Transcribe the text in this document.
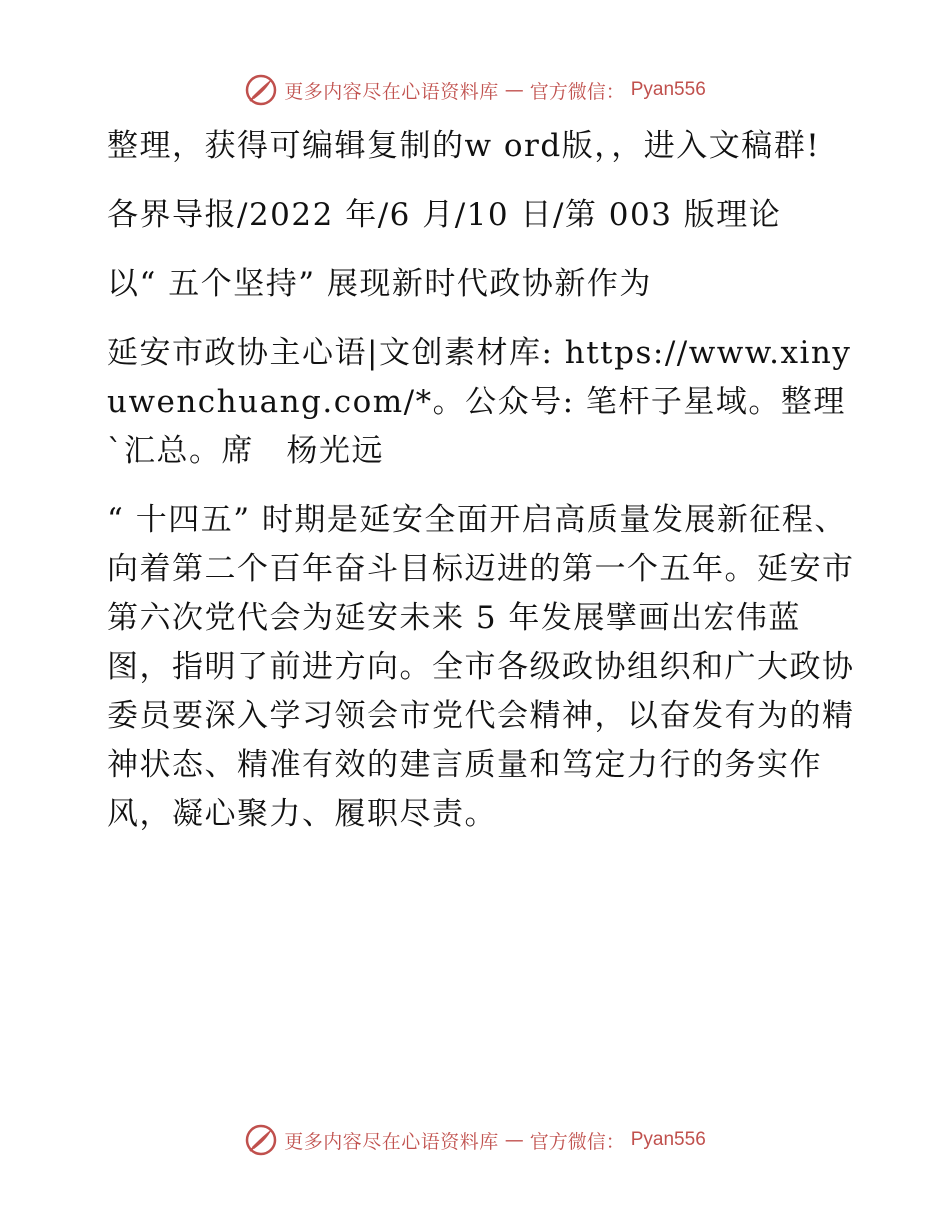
更多内容尽在心语资料库 — 官方微信： Pyan556

整理，获得可编辑复制的w ord版，，进入文稿群!

各界导报/2022 年/6 月/10 日/第 003 版理论

以“ 五个坚持” 展现新时代政协新作为

延安市政协主心语|文创素材库: https://www.xinyuwenchuang.com/*。公众号: 笔杆子星域。整理`汇总。席　杨光远

“ 十四五” 时期是延安全面开启高质量发展新征程、向着第二个百年奋斗目标迈进的第一个五年。延安市第六次党代会为延安未来 5 年发展擘画出宏伟蓝图，指明了前进方向。全市各级政协组织和广大政协委员要深入学习领会市党代会精神，以奋发有为的精神状态、精准有效的建言质量和笃定力行的务实作风，凝心聚力、履职尽责。

更多内容尽在心语资料库 — 官方微信： Pyan556
